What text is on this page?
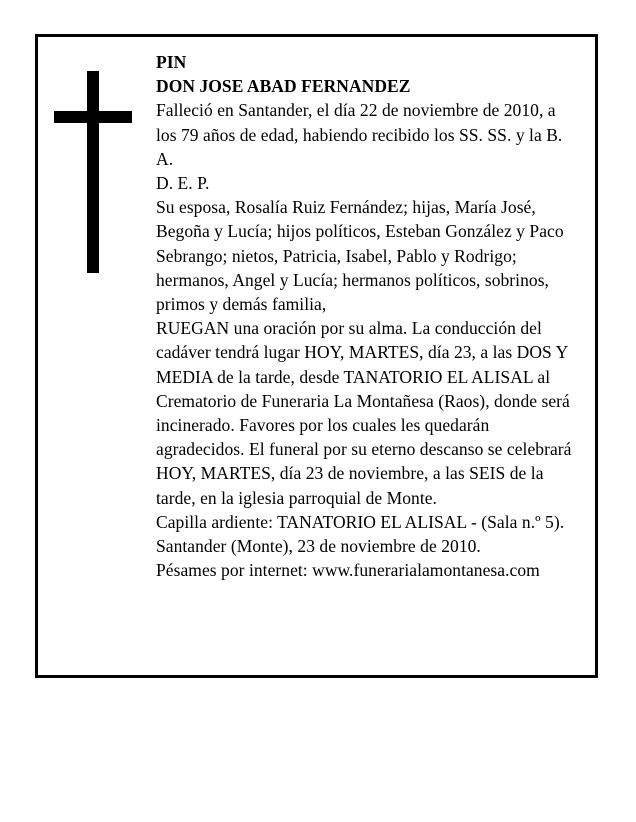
PIN
DON JOSE ABAD FERNANDEZ

Falleció en Santander, el día 22 de noviembre de 2010, a los 79 años de edad, habiendo recibido los SS. SS. y la B. A.

D. E. P.

Su esposa, Rosalía Ruiz Fernández; hijas, María José, Begoña y Lucía; hijos políticos, Esteban González y Paco Sebrango; nietos, Patricia, Isabel, Pablo y Rodrigo; hermanos, Angel y Lucía; hermanos políticos, sobrinos, primos y demás familia,

RUEGAN una oración por su alma. La conducción del cadáver tendrá lugar HOY, MARTES, día 23, a las DOS Y MEDIA de la tarde, desde TANATORIO EL ALISAL al Crematorio de Funeraria La Montañesa (Raos), donde será incinerado. Favores por los cuales les quedarán agradecidos. El funeral por su eterno descanso se celebrará HOY, MARTES, día 23 de noviembre, a las SEIS de la tarde, en la iglesia parroquial de Monte.

Capilla ardiente: TANATORIO EL ALISAL - (Sala n.º 5).

Santander (Monte), 23 de noviembre de 2010.

Pésames por internet: www.funerarialamontanesa.com
